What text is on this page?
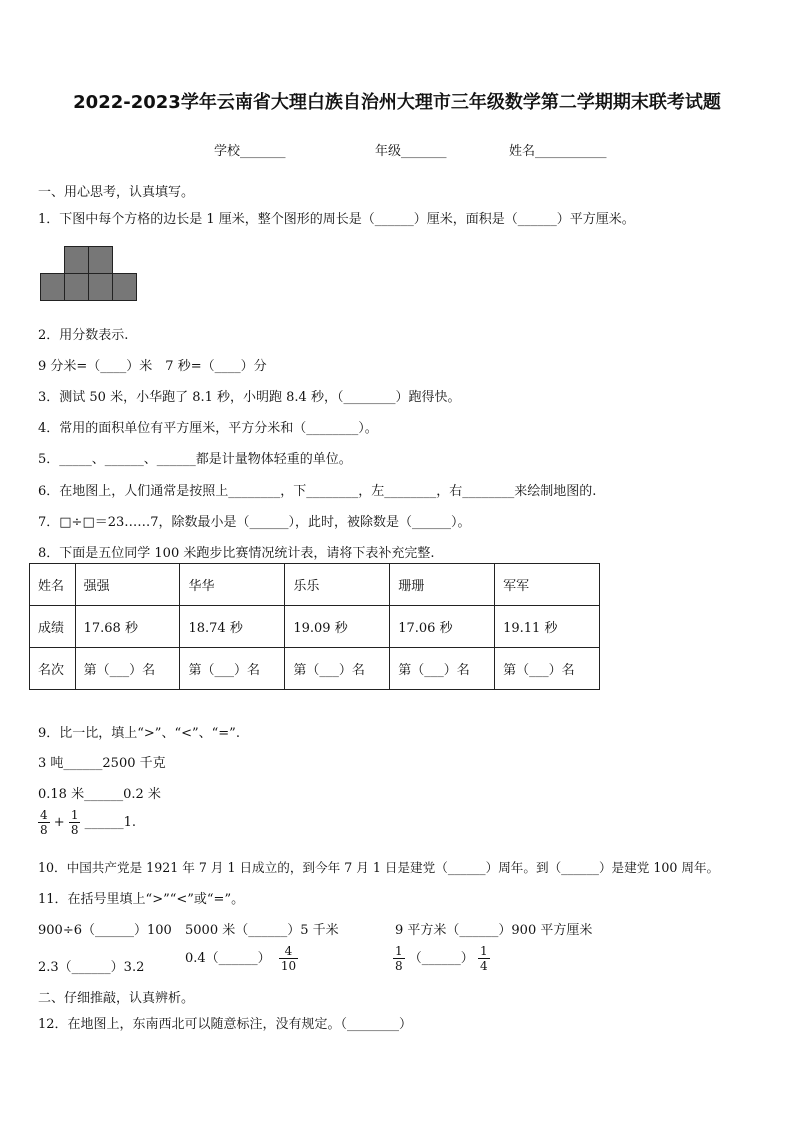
2022-2023学年云南省大理白族自治州大理市三年级数学第二学期期末联考试题
学校_______	年级_______	姓名___________
一、用心思考，认真填写。
1．下图中每个方格的边长是 1 厘米，整个图形的周长是（______）厘米，面积是（______）平方厘米。
2．用分数表示.
9 分米=（____）米　7 秒=（____）分
3．测试 50 米，小华跑了 8.1 秒，小明跑 8.4 秒，（________）跑得快。
4．常用的面积单位有平方厘米，平方分米和（________）。
5．_____、______、______都是计量物体轻重的单位。
6．在地图上，人们通常是按照上________，下________，左________，右________来绘制地图的.
7．□÷□＝23……7，除数最小是（______），此时，被除数是（______）。
8．下面是五位同学 100 米跑步比赛情况统计表，请将下表补充完整.
姓名	强强	华华	乐乐	珊珊	军军
成绩	17.68 秒	18.74 秒	19.09 秒	17.06 秒	19.11 秒
名次	第（___）名	第（___）名	第（___）名	第（___）名	第（___）名
9．比一比，填上“>”、“<”、“=”.
3 吨______2500 千克
0.18 米______0.2 米
$\frac{4}{8} + \frac{1}{8}$ ______1.
10．中国共产党是 1921 年 7 月 1 日成立的，到今年 7 月 1 日是建党（______）周年。到（______）是建党 100 周年。
11．在括号里填上“>”“<”或“=”。
900÷6（______）100 5000 米（______）5 千米	9 平方米（______）900 平方厘米
2.3（______）3.2
0.4（______） $\frac{4}{10}$	$\frac{1}{8}$ （______） $\frac{1}{4}$
二、仔细推敲，认真辨析。
12．在地图上，东南西北可以随意标注，没有规定。（________）
